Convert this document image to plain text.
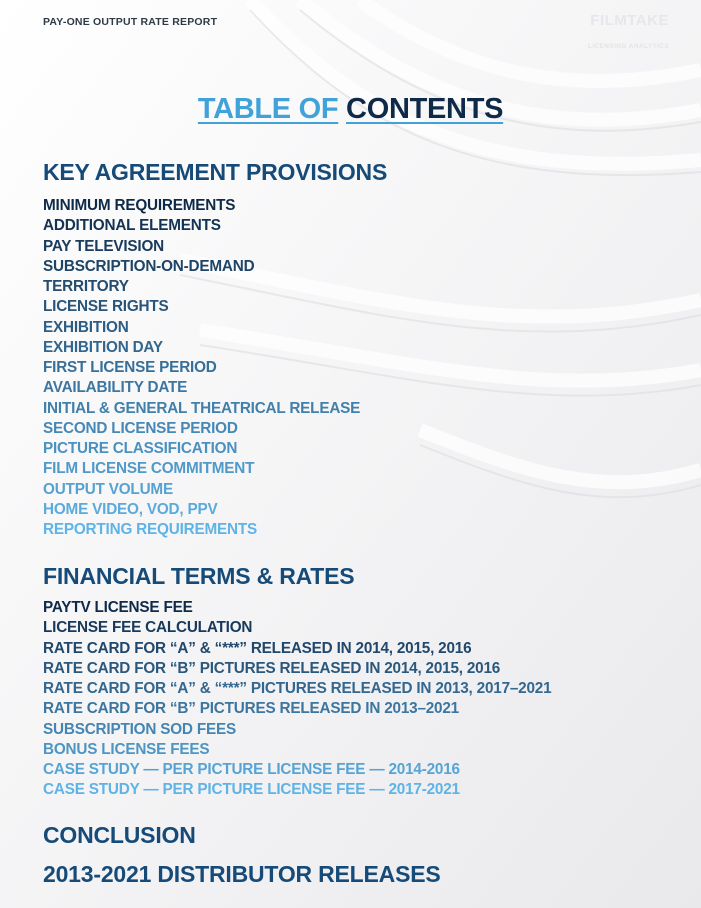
PAY-ONE OUTPUT RATE REPORT	FILMTAKE
LICENSING ANALYTICS
TABLE OF CONTENTS
KEY AGREEMENT PROVISIONS
MINIMUM REQUIREMENTS
ADDITIONAL ELEMENTS
PAY TELEVISION
SUBSCRIPTION-ON-DEMAND
TERRITORY
LICENSE RIGHTS
EXHIBITION
EXHIBITION DAY
FIRST LICENSE PERIOD
AVAILABILITY DATE
INITIAL & GENERAL THEATRICAL RELEASE
SECOND LICENSE PERIOD
PICTURE CLASSIFICATION
FILM LICENSE COMMITMENT
OUTPUT VOLUME
HOME VIDEO, VOD, PPV
REPORTING REQUIREMENTS
FINANCIAL TERMS & RATES
PAYTV LICENSE FEE
LICENSE FEE CALCULATION
RATE CARD FOR “A” & “***” RELEASED IN 2014, 2015, 2016
RATE CARD FOR “B” PICTURES RELEASED IN 2014, 2015, 2016
RATE CARD FOR “A” & “***” PICTURES RELEASED IN 2013, 2017–2021
RATE CARD FOR “B” PICTURES RELEASED IN 2013–2021
SUBSCRIPTION SOD FEES
BONUS LICENSE FEES
CASE STUDY — PER PICTURE LICENSE FEE — 2014-2016
CASE STUDY — PER PICTURE LICENSE FEE — 2017-2021
CONCLUSION
2013-2021 DISTRIBUTOR RELEASES
